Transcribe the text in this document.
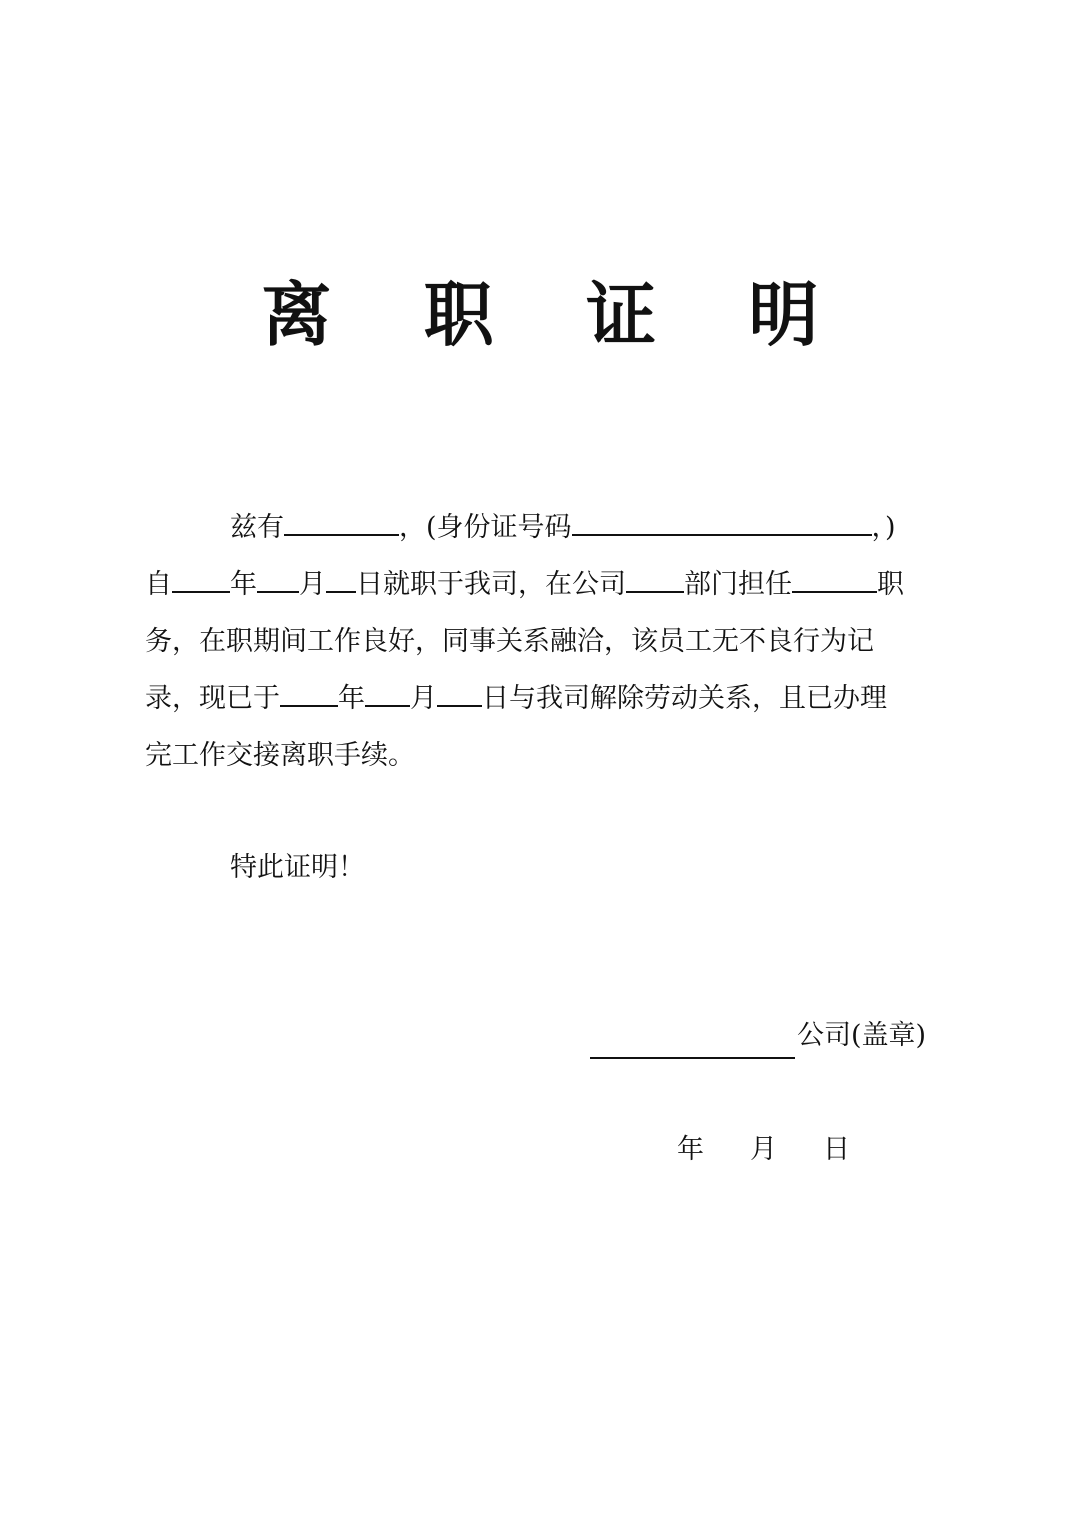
离 职 证 明
兹有	，(身份证号码	，)
自 年 月 日就职于我司，在公司 部门担任	职
务，在职期间工作良好，同事关系融洽，该员工无不良行为记
录，现已于 年 月 日与我司解除劳动关系，且已办理
完工作交接离职手续。
特此证明！
公司(盖章)
年 月 日
